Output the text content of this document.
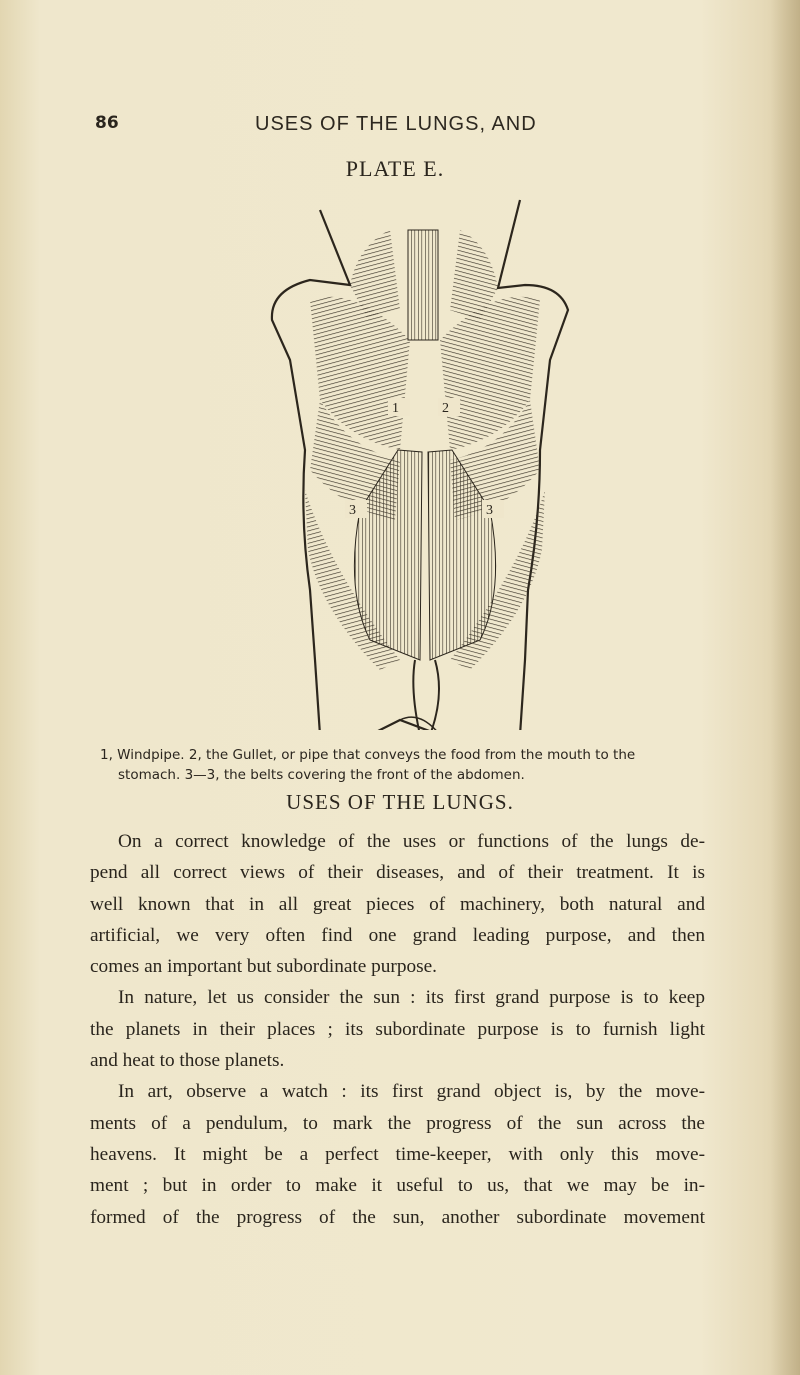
86	USES OF THE LUNGS, AND
PLATE E.
1	2
3	3
1, Windpipe. 2, the Gullet, or pipe that conveys the food from the mouth to the
stomach. 3—3, the belts covering the front of the abdomen.
USES OF THE LUNGS.
On a correct knowledge of the uses or functions of the lungs de-
pend all correct views of their diseases, and of their treatment. It is
well known that in all great pieces of machinery, both natural and
artificial, we very often find one grand leading purpose, and then
comes an important but subordinate purpose.
In nature, let us consider the sun : its first grand purpose is to keep
the planets in their places ; its subordinate purpose is to furnish light
and heat to those planets.
In art, observe a watch : its first grand object is, by the move-
ments of a pendulum, to mark the progress of the sun across the
heavens. It might be a perfect time-keeper, with only this move-
ment ; but in order to make it useful to us, that we may be in-
formed of the progress of the sun, another subordinate movement
